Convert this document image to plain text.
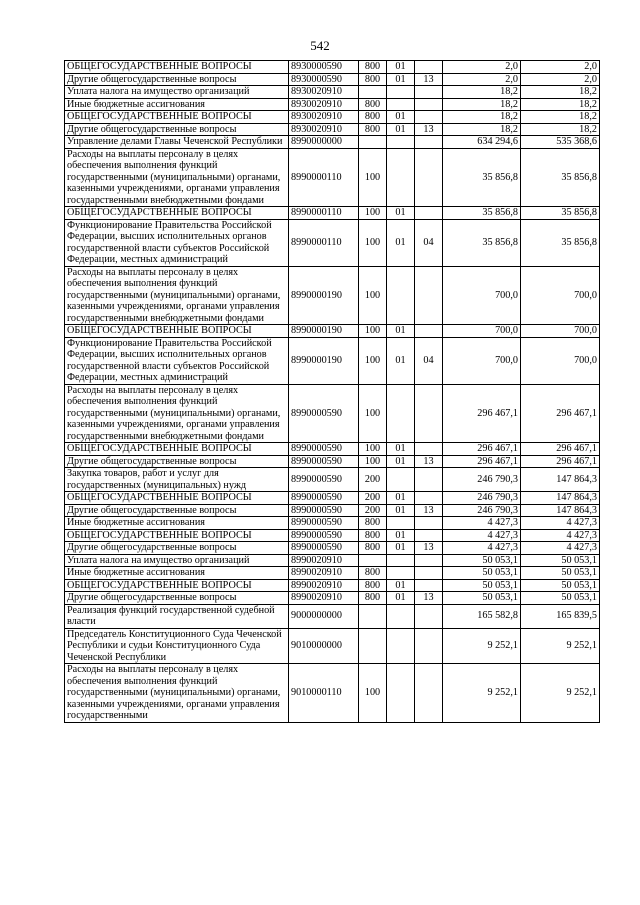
542
ОБЩЕГОСУДАРСТВЕННЫЕ ВОПРОСЫ	8930000590	800	01		2,0	2,0
Другие общегосударственные вопросы	8930000590	800	01	13	2,0	2,0
Уплата налога на имущество организаций	8930020910				18,2	18,2
Иные бюджетные ассигнования	8930020910	800			18,2	18,2
ОБЩЕГОСУДАРСТВЕННЫЕ ВОПРОСЫ	8930020910	800	01		18,2	18,2
Другие общегосударственные вопросы	8930020910	800	01	13	18,2	18,2
Управление делами Главы Чеченской Республики	8990000000				634 294,6	535 368,6
Расходы на выплаты персоналу в целях обеспечения выполнения функций государственными (муниципальными) органами, казенными учреждениями, органами управления государственными внебюджетными фондами	8990000110	100			35 856,8	35 856,8
ОБЩЕГОСУДАРСТВЕННЫЕ ВОПРОСЫ	8990000110	100	01		35 856,8	35 856,8
Функционирование Правительства Российской Федерации, высших исполнительных органов государственной власти субъектов Российской Федерации, местных администраций	8990000110	100	01	04	35 856,8	35 856,8
Расходы на выплаты персоналу в целях обеспечения выполнения функций государственными (муниципальными) органами, казенными учреждениями, органами управления государственными внебюджетными фондами	8990000190	100			700,0	700,0
ОБЩЕГОСУДАРСТВЕННЫЕ ВОПРОСЫ	8990000190	100	01		700,0	700,0
Функционирование Правительства Российской Федерации, высших исполнительных органов государственной власти субъектов Российской Федерации, местных администраций	8990000190	100	01	04	700,0	700,0
Расходы на выплаты персоналу в целях обеспечения выполнения функций государственными (муниципальными) органами, казенными учреждениями, органами управления государственными внебюджетными фондами	8990000590	100			296 467,1	296 467,1
ОБЩЕГОСУДАРСТВЕННЫЕ ВОПРОСЫ	8990000590	100	01		296 467,1	296 467,1
Другие общегосударственные вопросы	8990000590	100	01	13	296 467,1	296 467,1
Закупка товаров, работ и услуг для государственных (муниципальных) нужд	8990000590	200			246 790,3	147 864,3
ОБЩЕГОСУДАРСТВЕННЫЕ ВОПРОСЫ	8990000590	200	01		246 790,3	147 864,3
Другие общегосударственные вопросы	8990000590	200	01	13	246 790,3	147 864,3
Иные бюджетные ассигнования	8990000590	800			4 427,3	4 427,3
ОБЩЕГОСУДАРСТВЕННЫЕ ВОПРОСЫ	8990000590	800	01		4 427,3	4 427,3
Другие общегосударственные вопросы	8990000590	800	01	13	4 427,3	4 427,3
Уплата налога на имущество организаций	8990020910				50 053,1	50 053,1
Иные бюджетные ассигнования	8990020910	800			50 053,1	50 053,1
ОБЩЕГОСУДАРСТВЕННЫЕ ВОПРОСЫ	8990020910	800	01		50 053,1	50 053,1
Другие общегосударственные вопросы	8990020910	800	01	13	50 053,1	50 053,1
Реализация функций государственной судебной власти	9000000000				165 582,8	165 839,5
Председатель Конституционного Суда Чеченской Республики и судьи Конституционного Суда Чеченской Республики	9010000000				9 252,1	9 252,1
Расходы на выплаты персоналу в целях обеспечения выполнения функций государственными (муниципальными) органами, казенными учреждениями, органами управления государственными	9010000110	100			9 252,1	9 252,1
